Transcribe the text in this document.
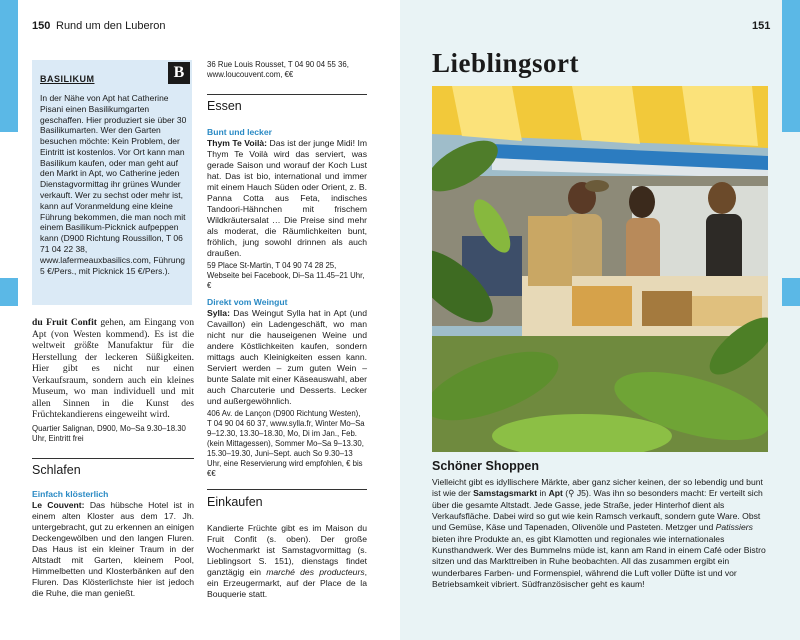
150 Rund um den Luberon
B
BASILIKUM
In der Nähe von Apt hat Catherine Pisani einen Basilikumgarten geschaffen. Hier produziert sie über 30 Basilikumarten. Wer den Garten besuchen möchte: Kein Problem, der Eintritt ist kostenlos. Vor Ort kann man Basilikum kaufen, oder man geht auf den Markt in Apt, wo Catherine jeden Dienstagvormittag ihr grünes Wunder verkauft. Wer zu sechst oder mehr ist, kann auf Voranmeldung eine kleine Führung bekommen, die man noch mit einem Basilikum-Picknick aufpeppen kann (D900 Richtung Roussillon, T 06 71 04 22 38, www.lafermeauxbasilics.com, Führung 5 €/Pers., mit Picknick 15 €/Pers.).
du Fruit Confit gehen, am Eingang von Apt (von Westen kommend). Es ist die weltweit größte Manufaktur für die Herstellung der leckeren Süßigkeiten. Hier gibt es nicht nur einen Verkaufsraum, sondern auch ein kleines Museum, wo man individuell und mit allen Sinnen in die Kunst des Früchtekandierens eingeweiht wird.
Quartier Salignan, D900, Mo–Sa 9.30–18.30 Uhr, Eintritt frei
Schlafen
Einfach klösterlich
Le Couvent: Das hübsche Hotel ist in einem alten Kloster aus dem 17. Jh. untergebracht, gut zu erkennen an einigen Deckengewölben und den langen Fluren. Das Haus ist ein kleiner Traum in der Altstadt mit Garten, kleinem Pool, Himmelbetten und Klosterbänken auf den Fluren. Das Klösterlichste hier ist jedoch die Ruhe, die man genießt.
36 Rue Louis Rousset, T 04 90 04 55 36, www.loucouvent.com, €€
Essen
Bunt und lecker
Thym Te Voilà: Das ist der junge Midi! Im Thym Te Voilà wird das serviert, was gerade Saison und worauf der Koch Lust hat. Das ist bio, international und immer mit einem Hauch Süden oder Orient, z. B. Panna Cotta aus Feta, indisches Tandoori-Hähnchen mit frischem Wildkräutersalat … Die Preise sind mehr als moderat, die Räumlichkeiten bunt, fröhlich, jung sowohl drinnen als auch draußen.
59 Place St-Martin, T 04 90 74 28 25, Webseite bei Facebook, Di–Sa 11.45–21 Uhr, €
Direkt vom Weingut
Sylla: Das Weingut Sylla hat in Apt (und Cavaillon) ein Ladengeschäft, wo man nicht nur die hauseigenen Weine und andere Köstlichkeiten kaufen, sondern mittags auch Kleinigkeiten essen kann. Serviert werden – zum guten Wein – bunte Salate mit einer Käseauswahl, aber auch Charcuterie und Desserts. Lecker und außergewöhnlich.
406 Av. de Lançon (D900 Richtung Westen), T 04 90 04 60 37, www.sylla.fr, Winter Mo–Sa 9–12.30, 13.30–18.30, Mo, Di im Jan., Feb. (kein Mittagessen), Sommer Mo–Sa 9–13.30, 15.30–19.30, Juni–Sept. auch So 9.30–13 Uhr, eine Reservierung wird empfohlen, € bis €€
Einkaufen
Kandierte Früchte gibt es im Maison du Fruit Confit (s. oben). Der große Wochenmarkt ist Samstagvormittag (s. Lieblingsort S. 151), dienstags findet ganztägig ein marché des producteurs, ein Erzeugermarkt, auf der Place de la Bouquerie statt.
151
Lieblingsort
Schöner Shoppen
Vielleicht gibt es idyllischere Märkte, aber ganz sicher keinen, der so lebendig und bunt ist wie der Samstagsmarkt in Apt (⚲ J5). Was ihn so besonders macht: Er verteilt sich über die gesamte Altstadt. Jede Gasse, jede Straße, jeder Hinterhof dient als Verkaufsfläche. Dabei wird so gut wie kein Ramsch verkauft, sondern gute Ware. Obst und Gemüse, Käse und Tapenaden, Olivenöle und Pasteten. Metzger und Patissiers bieten ihre Produkte an, es gibt Klamotten und regionales wie internationales Kunsthandwerk. Wer des Bummelns müde ist, kann am Rand in einem Café oder Bistro sitzen und das Markttreiben in Ruhe beobachten. All das zusammen ergibt ein wunderbares Farben- und Formenspiel, während die Luft voller Düfte ist und vor Betriebsamkeit vibriert. Südfranzösischer geht es kaum!
